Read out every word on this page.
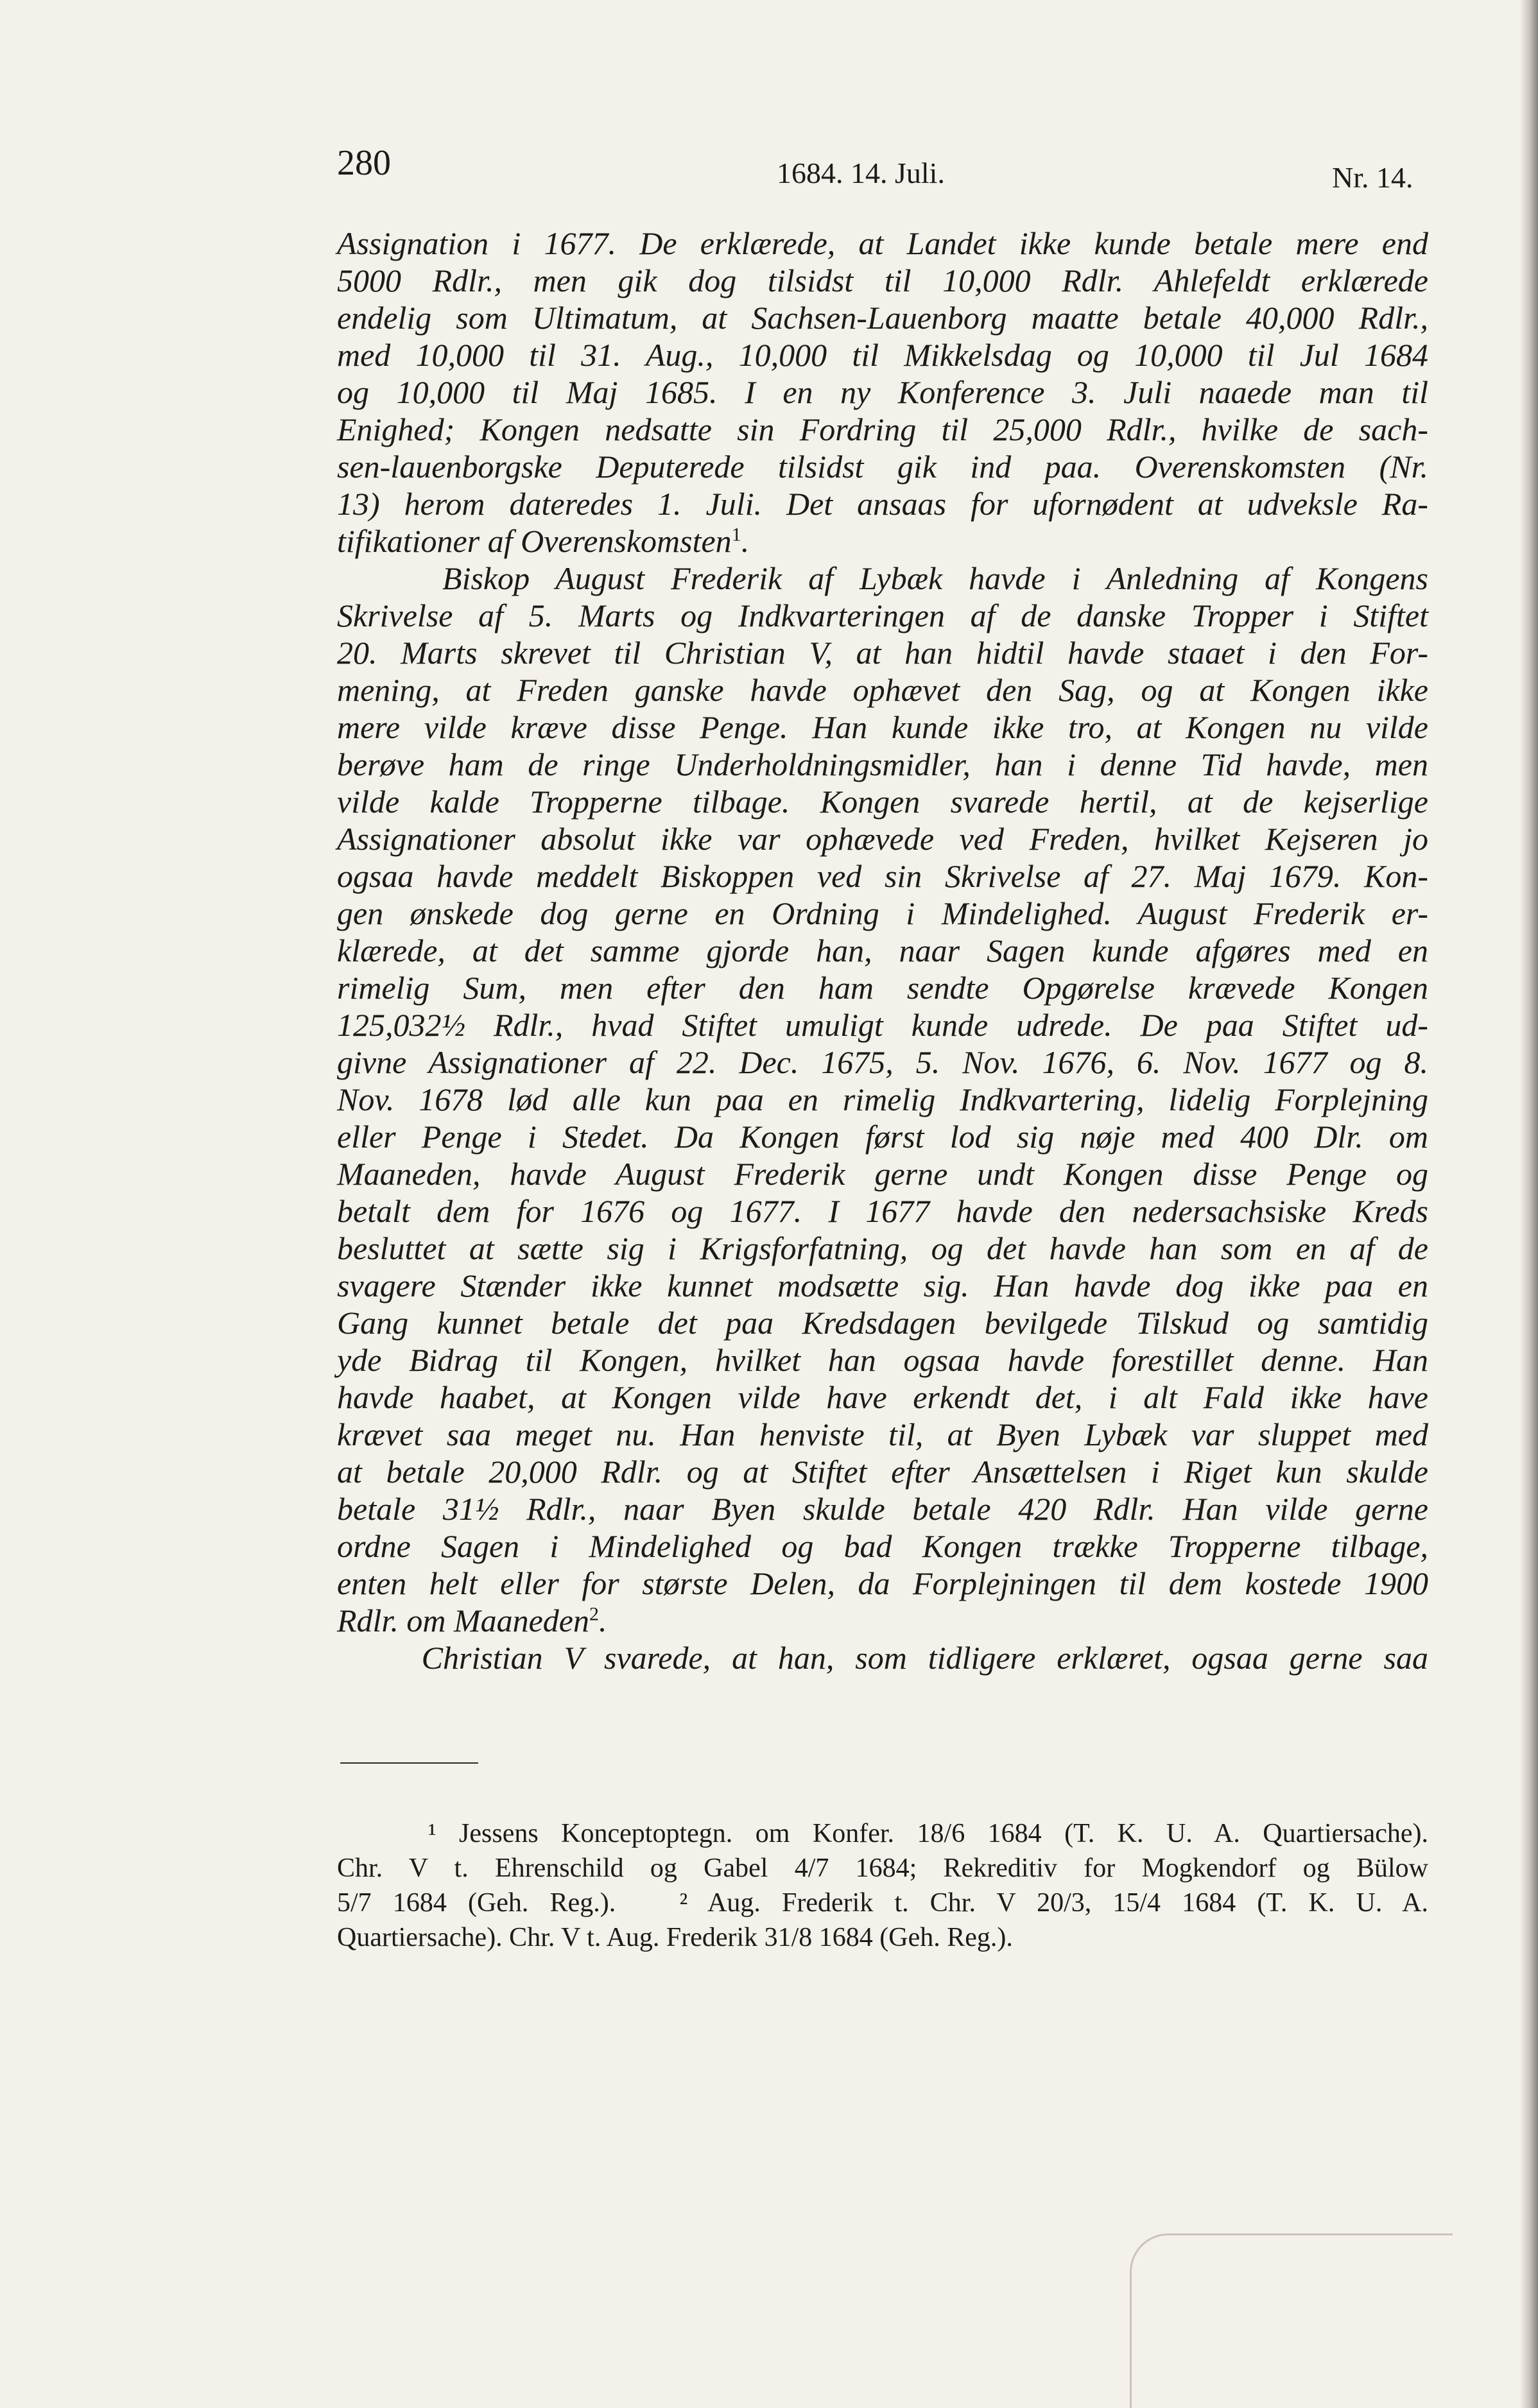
280	1684. 14. Juli.	Nr. 14.
Assignation i 1677. De erklærede, at Landet ikke kunde betale mere end
5000 Rdlr., men gik dog tilsidst til 10,000 Rdlr. Ahlefeldt erklærede
endelig som Ultimatum, at Sachsen-Lauenborg maatte betale 40,000 Rdlr.,
med 10,000 til 31. Aug., 10,000 til Mikkelsdag og 10,000 til Jul 1684
og 10,000 til Maj 1685. I en ny Konference 3. Juli naaede man til
Enighed; Kongen nedsatte sin Fordring til 25,000 Rdlr., hvilke de sach-
sen-lauenborgske Deputerede tilsidst gik ind paa. Overenskomsten (Nr.
13) herom dateredes 1. Juli. Det ansaas for ufornødent at udveksle Ra-
tifikationer af Overenskomsten$^1$.
Biskop August Frederik af Lybæk havde i Anledning af Kongens
Skrivelse af 5. Marts og Indkvarteringen af de danske Tropper i Stiftet
20. Marts skrevet til Christian V, at han hidtil havde staaet i den For-
mening, at Freden ganske havde ophævet den Sag, og at Kongen ikke
mere vilde kræve disse Penge. Han kunde ikke tro, at Kongen nu vilde
berøve ham de ringe Underholdningsmidler, han i denne Tid havde, men
vilde kalde Tropperne tilbage. Kongen svarede hertil, at de kejserlige
Assignationer absolut ikke var ophævede ved Freden, hvilket Kejseren jo
ogsaa havde meddelt Biskoppen ved sin Skrivelse af 27. Maj 1679. Kon-
gen ønskede dog gerne en Ordning i Mindelighed. August Frederik er-
klærede, at det samme gjorde han, naar Sagen kunde afgøres med en
rimelig Sum, men efter den ham sendte Opgørelse krævede Kongen
125,032½ Rdlr., hvad Stiftet umuligt kunde udrede. De paa Stiftet ud-
givne Assignationer af 22. Dec. 1675, 5. Nov. 1676, 6. Nov. 1677 og 8.
Nov. 1678 lød alle kun paa en rimelig Indkvartering, lidelig Forplejning
eller Penge i Stedet. Da Kongen først lod sig nøje med 400 Dlr. om
Maaneden, havde August Frederik gerne undt Kongen disse Penge og
betalt dem for 1676 og 1677. I 1677 havde den nedersachsiske Kreds
besluttet at sætte sig i Krigsforfatning, og det havde han som en af de
svagere Stænder ikke kunnet modsætte sig. Han havde dog ikke paa en
Gang kunnet betale det paa Kredsdagen bevilgede Tilskud og samtidig
yde Bidrag til Kongen, hvilket han ogsaa havde forestillet denne. Han
havde haabet, at Kongen vilde have erkendt det, i alt Fald ikke have
krævet saa meget nu. Han henviste til, at Byen Lybæk var sluppet med
at betale 20,000 Rdlr. og at Stiftet efter Ansættelsen i Riget kun skulde
betale 31½ Rdlr., naar Byen skulde betale 420 Rdlr. Han vilde gerne
ordne Sagen i Mindelighed og bad Kongen trække Tropperne tilbage,
enten helt eller for største Delen, da Forplejningen til dem kostede 1900
Rdlr. om Maaneden$^2$.
Christian V svarede, at han, som tidligere erklæret, ogsaa gerne saa
¹ Jessens Konceptoptegn. om Konfer. 18/6 1684 (T. K. U. A. Quartiersache).
Chr. V t. Ehrenschild og Gabel 4/7 1684; Rekreditiv for Mogkendorf og Bülow
5/7 1684 (Geh. Reg.).   ² Aug. Frederik t. Chr. V 20/3, 15/4 1684 (T. K. U. A.
Quartiersache). Chr. V t. Aug. Frederik 31/8 1684 (Geh. Reg.).
